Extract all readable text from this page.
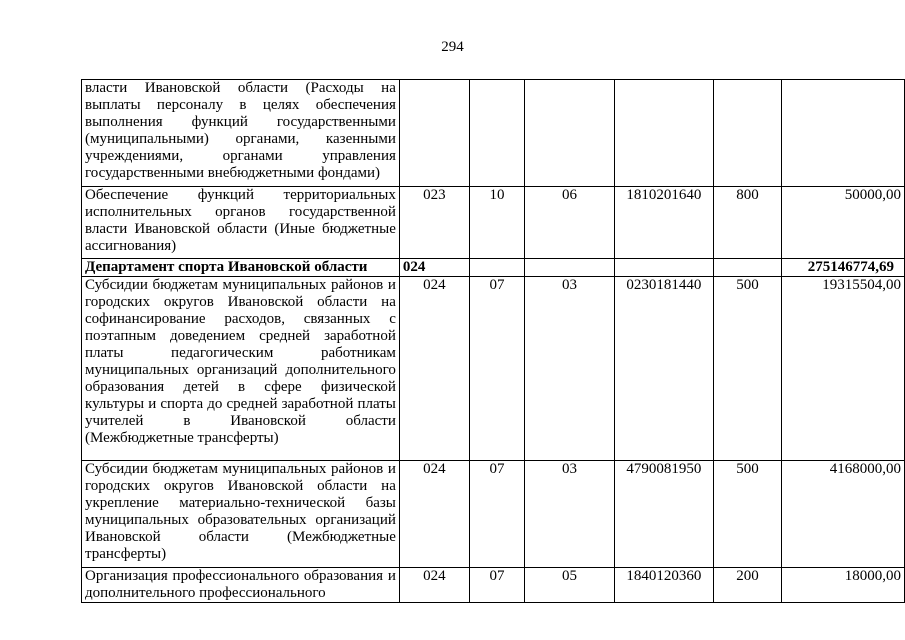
294
власти Ивановской области (Расходы на выплаты персоналу в целях обеспечения выполнения функций государственными (муниципальными) органами, казенными учреждениями, органами управления государственными внебюджетными фондами)						
Обеспечение функций территориальных исполнительных органов государственной власти Ивановской области (Иные бюджетные ассигнования)	023	10	06	1810201640	800	50000,00
Департамент спорта Ивановской области	024					275146774,69
Субсидии бюджетам муниципальных районов и городских округов Ивановской области на софинансирование расходов, связанных с поэтапным доведением средней заработной платы педагогическим работникам муниципальных организаций дополнительного образования детей в сфере физической культуры и спорта до средней заработной платы учителей в Ивановской области (Межбюджетные трансферты)	024	07	03	0230181440	500	19315504,00
Субсидии бюджетам муниципальных районов и городских округов Ивановской области на укрепление материально-технической базы муниципальных образовательных организаций Ивановской области (Межбюджетные трансферты)	024	07	03	4790081950	500	4168000,00
Организация профессионального образования и дополнительного профессионального	024	07	05	1840120360	200	18000,00
